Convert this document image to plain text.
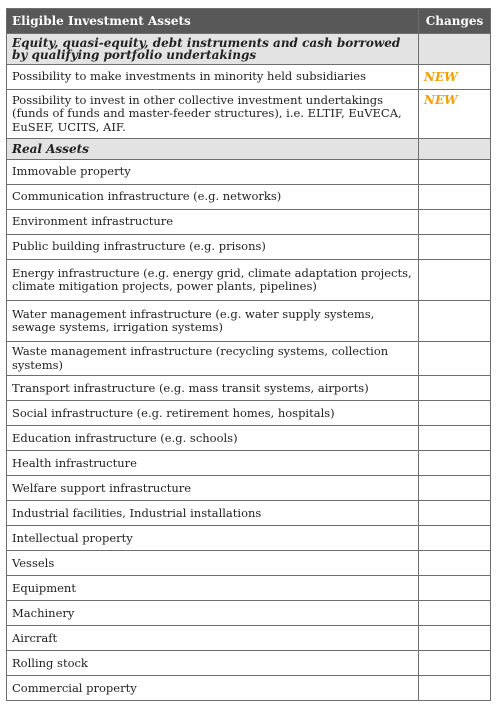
Eligible Investment Assets	Changes
Equity, quasi-equity, debt instruments and cash borrowed by qualifying portfolio undertakings	
Possibility to make investments in minority held subsidiaries	NEW
Possibility to invest in other collective investment undertakings (funds of funds and master-feeder structures), i.e. ELTIF, EuVECA, EuSEF, UCITS, AIF.	NEW
Real Assets	
Immovable property	
Communication infrastructure (e.g. networks)	
Environment infrastructure	
Public building infrastructure (e.g. prisons)	
Energy infrastructure (e.g. energy grid, climate adaptation projects, climate mitigation projects, power plants, pipelines)	
Water management infrastructure (e.g. water supply systems, sewage systems, irrigation systems)	
Waste management infrastructure (recycling systems, collection systems)	
Transport infrastructure (e.g. mass transit systems, airports)	
Social infrastructure (e.g. retirement homes, hospitals)	
Education infrastructure (e.g. schools)	
Health infrastructure	
Welfare support infrastructure	
Industrial facilities, Industrial installations	
Intellectual property	
Vessels	
Equipment	
Machinery	
Aircraft	
Rolling stock	
Commercial property	
